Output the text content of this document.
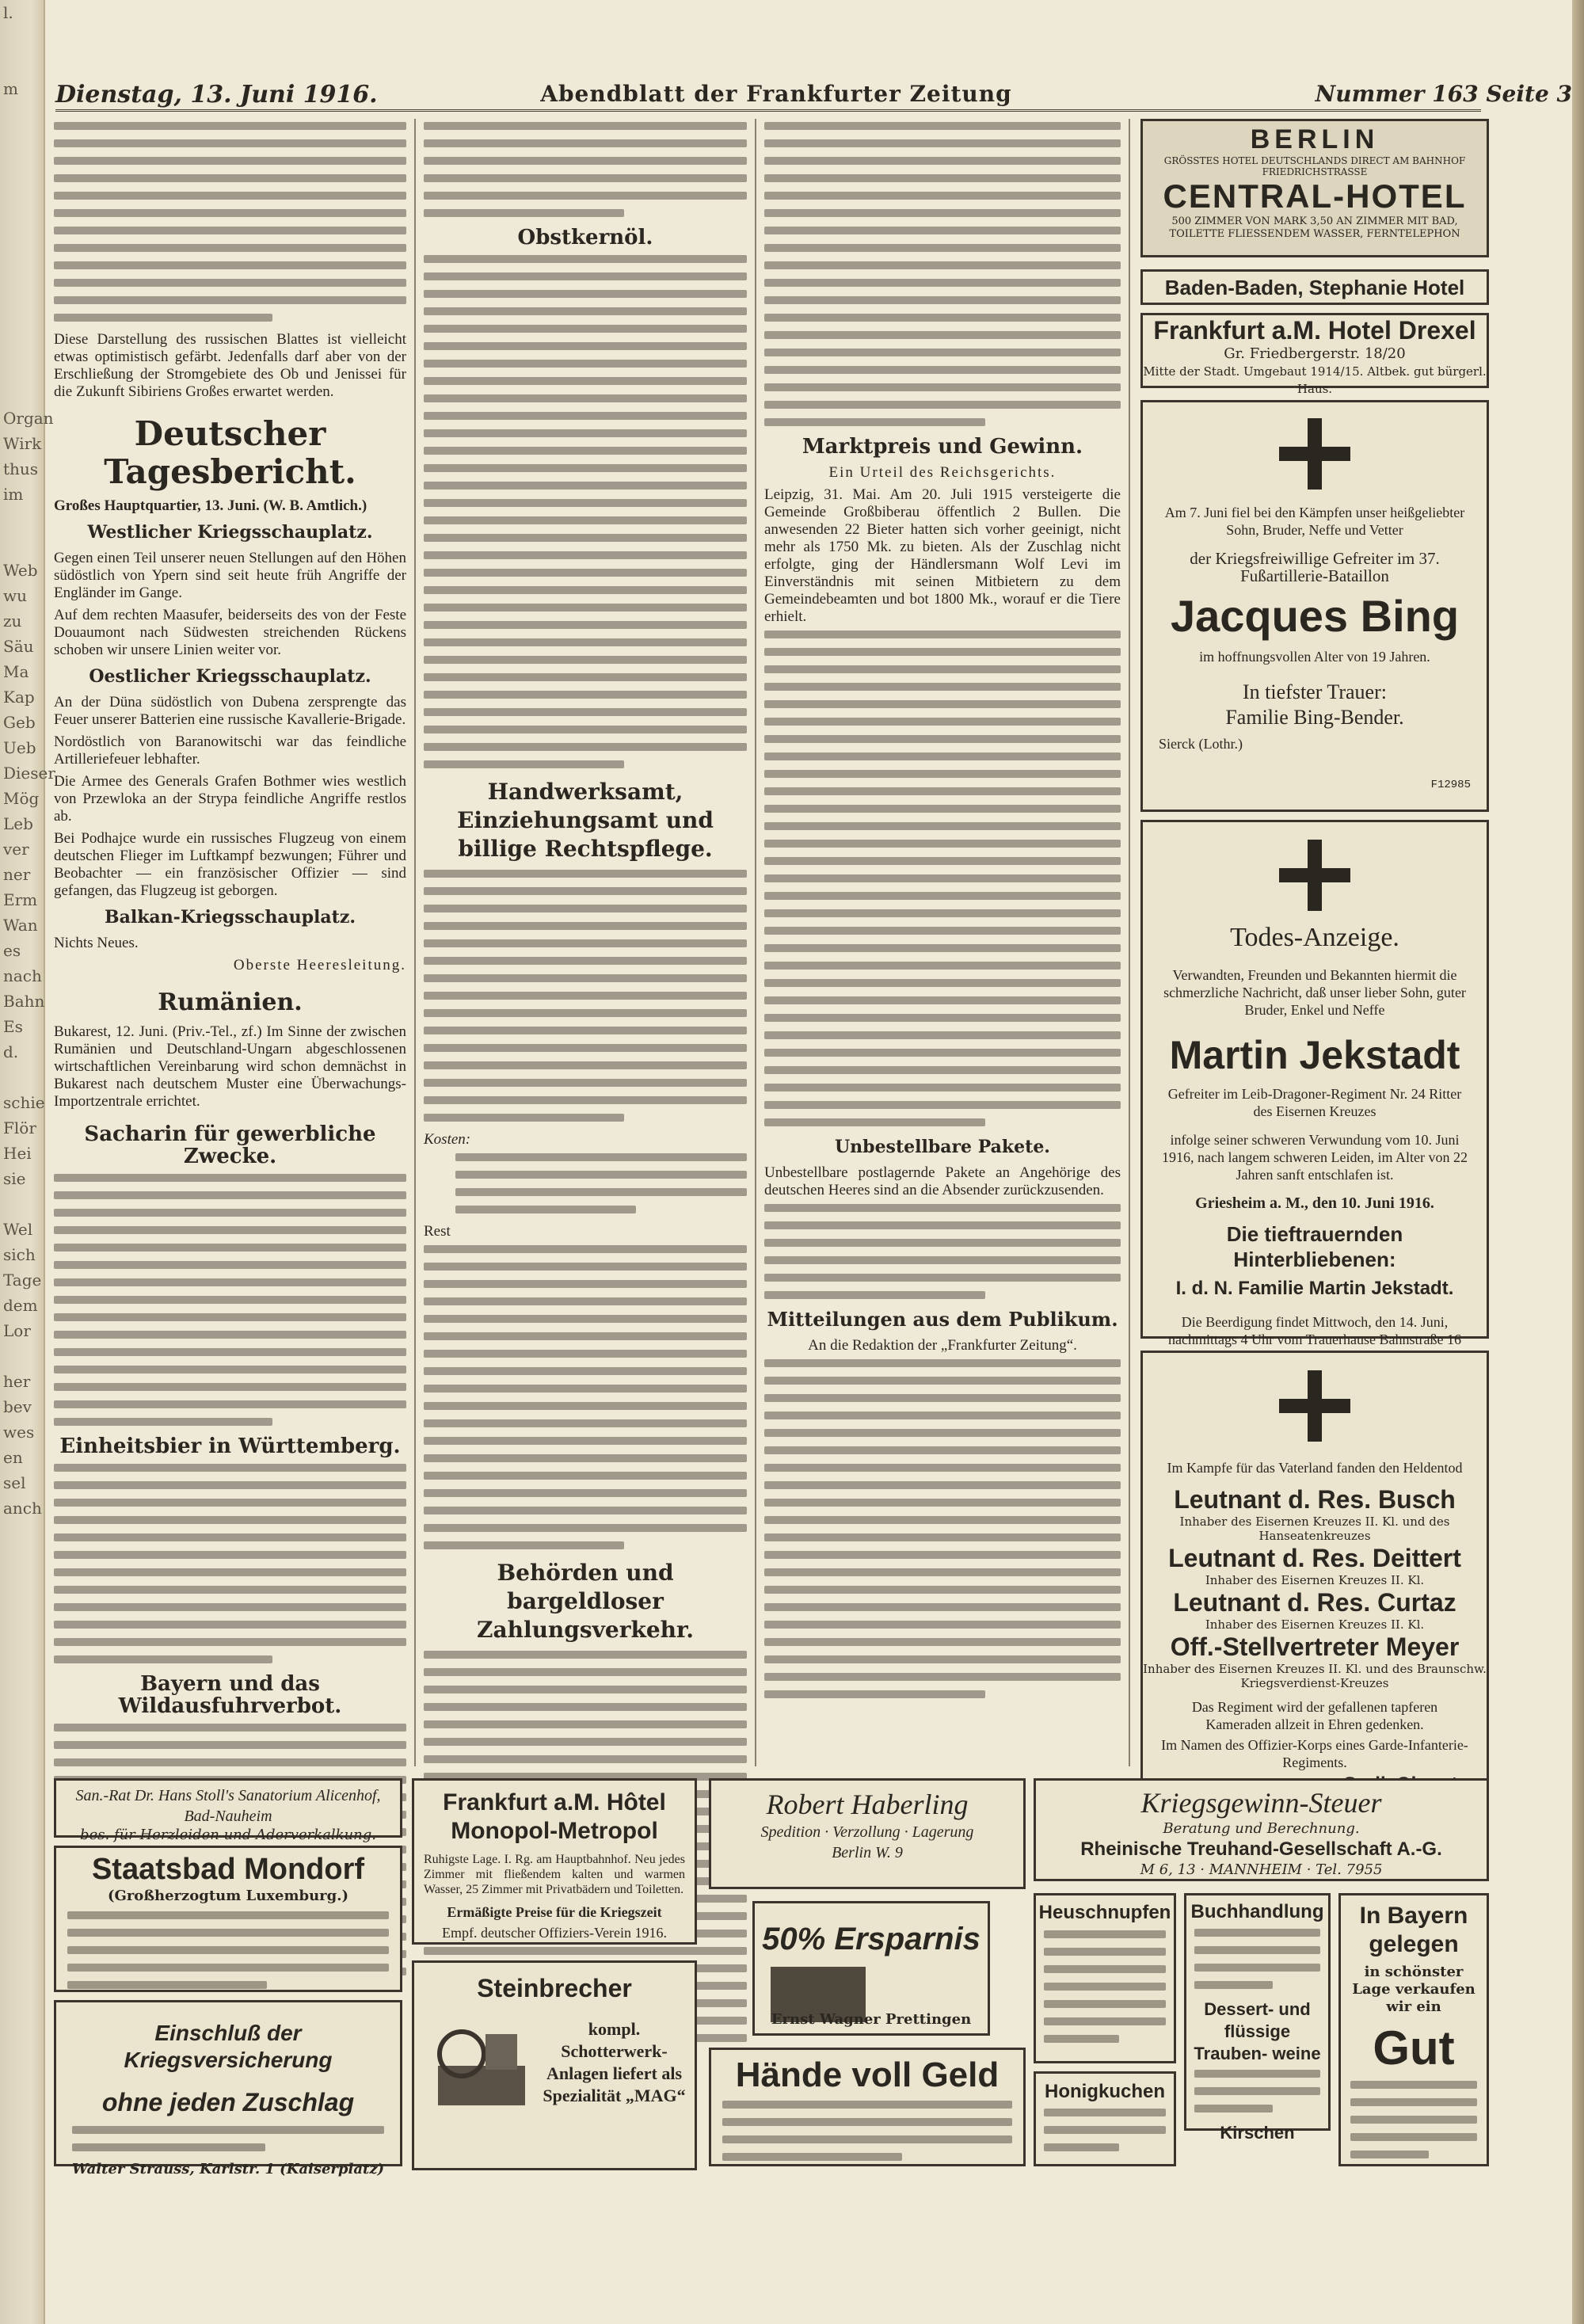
l.

m

Organ
Wirk
thus
im

Web
wu
zu
Säu
Ma
Kap
Geb
Ueb
Dieser
Mög
Leb
ver
ner
Erm
Wan
es
nach
Bahn
Es
d.

schie
Flör
Hei
sie

Wel
sich
Tage
dem
Lor

her
bev
wes
en
sel
anch
Dienstag, 13. Juni 1916.	Abendblatt der Frankfurter Zeitung	Nummer 163 Seite 3

Diese Darstellung des russischen Blattes ist vielleicht etwas optimistisch gefärbt. Jedenfalls darf aber von der Erschließung der Stromgebiete des Ob und Jenissei für die Zukunft Sibiriens Großes erwartet werden.

Deutscher Tagesbericht.

Großes Hauptquartier, 13. Juni. (W. B. Amtlich.)

Westlicher Kriegsschauplatz.

Gegen einen Teil unserer neuen Stellungen auf den Höhen südöstlich von Ypern sind seit heute früh Angriffe der Engländer im Gange.

Auf dem rechten Maasufer, beiderseits des von der Feste Douaumont nach Südwesten streichenden Rückens schoben wir unsere Linien weiter vor.

Oestlicher Kriegsschauplatz.

An der Düna südöstlich von Dubena zersprengte das Feuer unserer Batterien eine russische Kavallerie-Brigade.

Nordöstlich von Baranowitschi war das feindliche Artilleriefeuer lebhafter.

Die Armee des Generals Grafen Bothmer wies westlich von Przewloka an der Strypa feindliche Angriffe restlos ab.

Bei Podhajce wurde ein russisches Flugzeug von einem deutschen Flieger im Luftkampf bezwungen; Führer und Beobachter — ein französischer Offizier — sind gefangen, das Flugzeug ist geborgen.

Balkan-Kriegsschauplatz.

Nichts Neues.

Oberste Heeresleitung.

Rumänien.

Bukarest, 12. Juni. (Priv.-Tel., zf.) Im Sinne der zwischen Rumänien und Deutschland-Ungarn abgeschlossenen wirtschaftlichen Vereinbarung wird schon demnächst in Bukarest nach deutschem Muster eine Überwachungs-Importzentrale errichtet.

Sacharin für gewerbliche Zwecke.
Einheitsbier in Württemberg.
Bayern und das Wildausfuhrverbot.
Obstkernöl.
Handwerksamt, Einziehungsamt und billige Rechtspflege.

Kosten:

Rest

Behörden und bargeldloser Zahlungsverkehr.
Marktpreis und Gewinn.

Ein Urteil des Reichsgerichts.

Leipzig, 31. Mai. Am 20. Juli 1915 versteigerte die Gemeinde Großbiberau öffentlich 2 Bullen. Die anwesenden 22 Bieter hatten sich vorher geeinigt, nicht mehr als 1750 Mk. zu bieten. Als der Zuschlag nicht erfolgte, ging der Händlersmann Wolf Levi im Einverständnis mit seinen Mitbietern zu dem Gemeindebeamten und bot 1800 Mk., worauf er die Tiere erhielt.

Unbestellbare Pakete.

Unbestellbare postlagernde Pakete an Angehörige des deutschen Heeres sind an die Absender zurückzusenden.

Mitteilungen aus dem Publikum.

An die Redaktion der „Frankfurter Zeitung“.

BERLIN
GRÖSSTES HOTEL DEUTSCHLANDS DIRECT AM BAHNHOF FRIEDRICHSTRASSE
CENTRAL-HOTEL
500 ZIMMER VON MARK 3,50 AN ZIMMER MIT BAD, TOILETTE FLIESSENDEM WASSER, FERNTELEPHON
Baden-Baden, Stephanie Hotel
Frankfurt a.M. Hotel Drexel
Gr. Friedbergerstr. 18/20
Mitte der Stadt. Umgebaut 1914/15. Altbek. gut bürgerl. Haus.

Am 7. Juni fiel bei den Kämpfen unser heißgeliebter Sohn, Bruder, Neffe und Vetter

der Kriegsfreiwillige Gefreiter im 37. Fußartillerie-Bataillon

Jacques Bing

im hoffnungsvollen Alter von 19 Jahren.

In tiefster Trauer:

Familie Bing-Bender.

Sierck (Lothr.)

F12985

Todes-Anzeige.

Verwandten, Freunden und Bekannten hiermit die schmerzliche Nachricht, daß unser lieber Sohn, guter Bruder, Enkel und Neffe

Martin Jekstadt

Gefreiter im Leib-Dragoner-Regiment Nr. 24 Ritter des Eisernen Kreuzes

infolge seiner schweren Verwundung vom 10. Juni 1916, nach langem schweren Leiden, im Alter von 22 Jahren sanft entschlafen ist.

Griesheim a. M., den 10. Juni 1916.

Die tieftrauernden Hinterbliebenen:

I. d. N. Familie Martin Jekstadt.

Die Beerdigung findet Mittwoch, den 14. Juni, nachmittags 4 Uhr vom Trauerhause Bahnstraße 16

Im Kampfe für das Vaterland fanden den Heldentod

Leutnant d. Res. Busch
Inhaber des Eisernen Kreuzes II. Kl. und des Hanseatenkreuzes
Leutnant d. Res. Deittert
Inhaber des Eisernen Kreuzes II. Kl.
Leutnant d. Res. Curtaz
Inhaber des Eisernen Kreuzes II. Kl.
Off.-Stellvertreter Meyer
Inhaber des Eisernen Kreuzes II. Kl. und des Braunschw. Kriegsverdienst-Kreuzes

Das Regiment wird der gefallenen tapferen Kameraden allzeit in Ehren gedenken.

Im Namen des Offizier-Korps eines Garde-Infanterie-Regiments.

San.-Rat Dr. Hans Stoll's Sanatorium Alicenhof, Bad-Nauheim
bes. für Herzleiden und Aderverkalkung.
Staatsbad Mondorf
(Großherzogtum Luxemburg.)
Einschluß der Kriegsversicherung
ohne jeden Zuschlag
Walter Strauss, Karlstr. 1 (Kaiserplatz)
Frankfurt a.M. Hôtel Monopol-Metropol

Ruhigste Lage. I. Rg. am Hauptbahnhof. Neu jedes Zimmer mit fließendem kalten und warmen Wasser, 25 Zimmer mit Privatbädern und Toiletten.

Ermäßigte Preise für die Kriegszeit

Empf. deutscher Offiziers-Verein 1916.

Steinbrecher

kompl. Schotterwerk-Anlagen liefert als Spezialität „MAG“

Robert Haberling
Spedition · Verzollung · Lagerung
Berlin W. 9
50% Ersparnis
Ernst Wagner Prettingen
Hände voll Geld
Kriegsgewinn-Steuer
Beratung und Berechnung.
Rheinische Treuhand-Gesellschaft A.-G.
M 6, 13 · MANNHEIM · Tel. 7955
Heuschnupfen
Honigkuchen
Buchhandlung
Dessert- und flüssige Trauben- weine
Kirschen
In Bayern gelegen
in schönster Lage verkaufen wir ein
Gut
